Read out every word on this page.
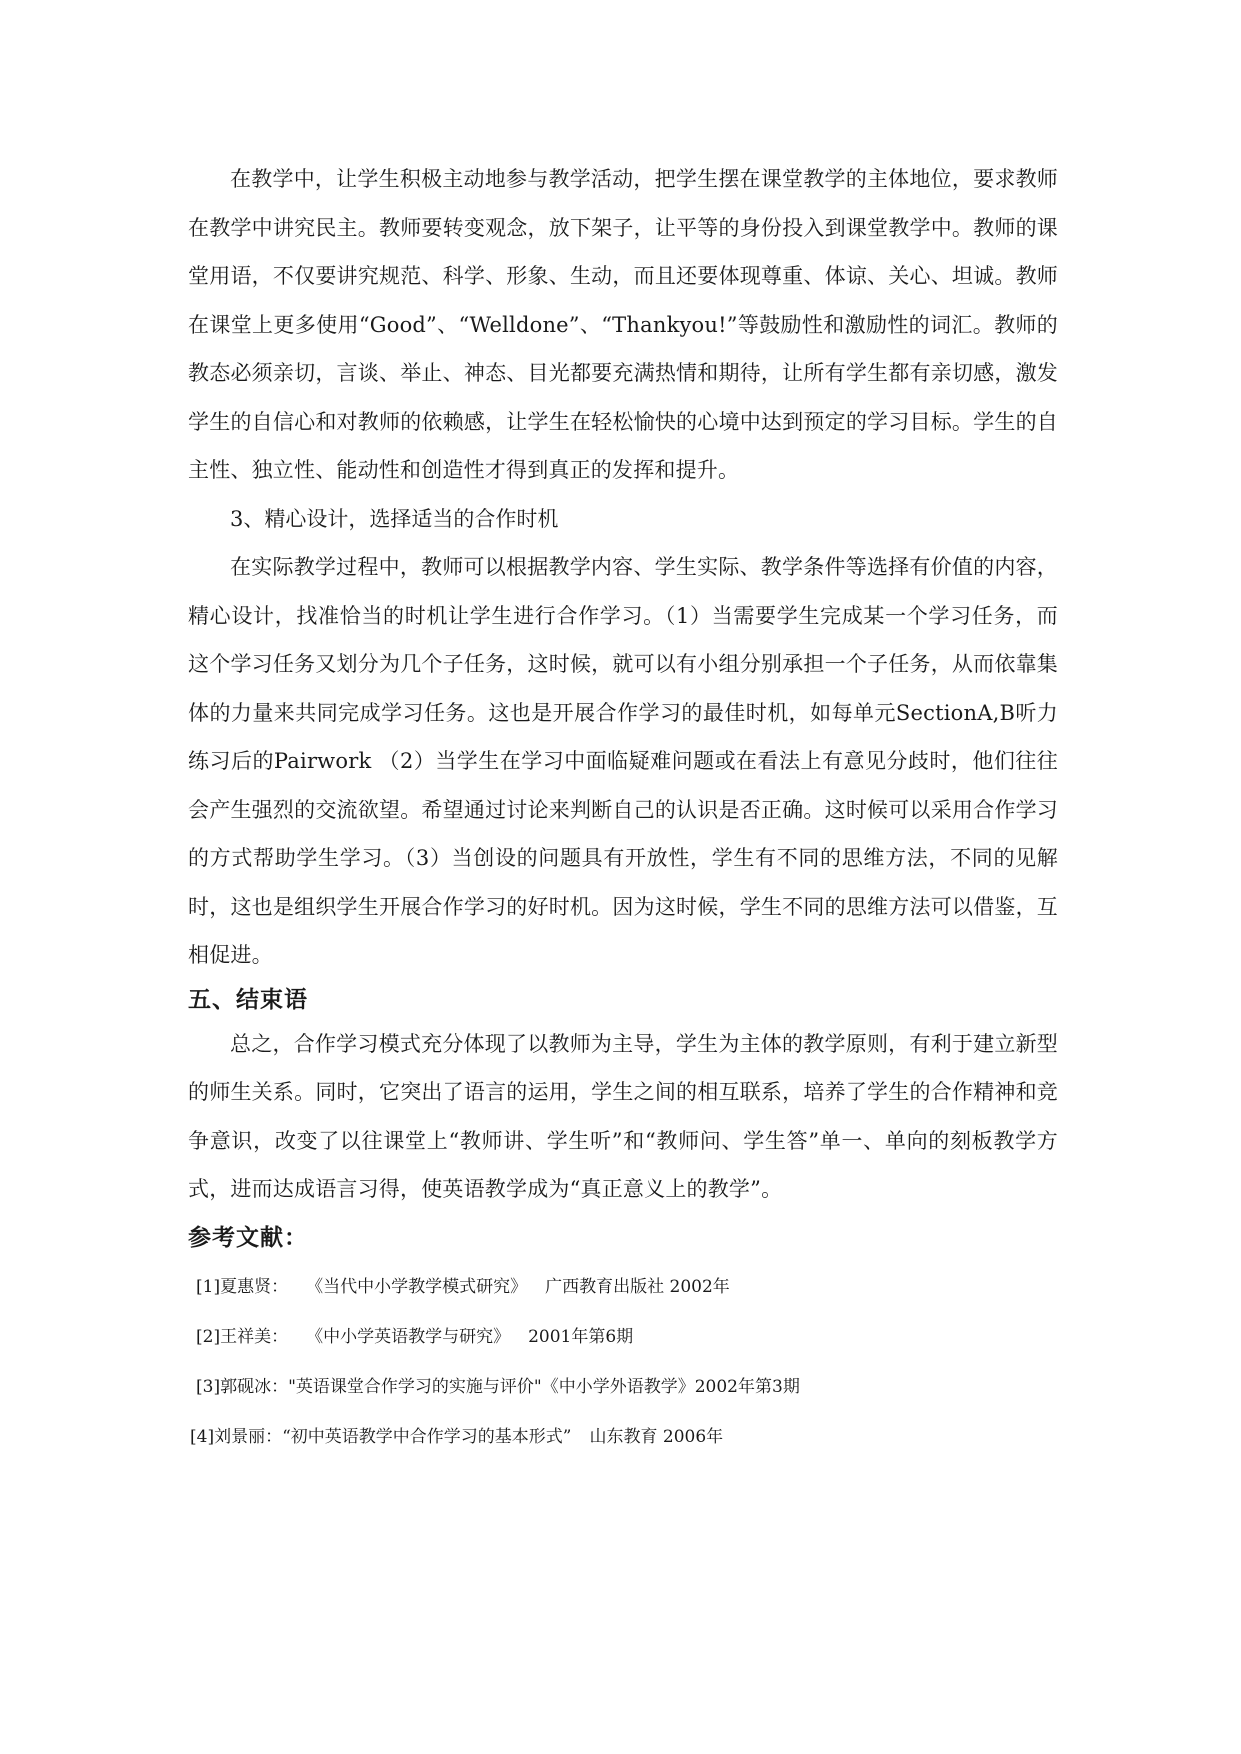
在教学中，让学生积极主动地参与教学活动，把学生摆在课堂教学的主体地位，要求教师在教学中讲究民主。教师要转变观念，放下架子，让平等的身份投入到课堂教学中。教师的课堂用语，不仅要讲究规范、科学、形象、生动，而且还要体现尊重、体谅、关心、坦诚。教师在课堂上更多使用“Good”、“Welldone”、“Thankyou!”等鼓励性和激励性的词汇。教师的教态必须亲切，言谈、举止、神态、目光都要充满热情和期待，让所有学生都有亲切感，激发学生的自信心和对教师的依赖感，让学生在轻松愉快的心境中达到预定的学习目标。学生的自主性、独立性、能动性和创造性才得到真正的发挥和提升。

3、精心设计，选择适当的合作时机

在实际教学过程中，教师可以根据教学内容、学生实际、教学条件等选择有价值的内容，精心设计，找准恰当的时机让学生进行合作学习。（1）当需要学生完成某一个学习任务，而这个学习任务又划分为几个子任务，这时候，就可以有小组分别承担一个子任务，从而依靠集体的力量来共同完成学习任务。这也是开展合作学习的最佳时机，如每单元SectionA,B听力练习后的Pairwork （2）当学生在学习中面临疑难问题或在看法上有意见分歧时，他们往往会产生强烈的交流欲望。希望通过讨论来判断自己的认识是否正确。这时候可以采用合作学习的方式帮助学生学习。（3）当创设的问题具有开放性，学生有不同的思维方法，不同的见解时，这也是组织学生开展合作学习的好时机。因为这时候，学生不同的思维方法可以借鉴，互相促进。

五、结束语

总之，合作学习模式充分体现了以教师为主导，学生为主体的教学原则，有利于建立新型的师生关系。同时，它突出了语言的运用，学生之间的相互联系，培养了学生的合作精神和竞争意识，改变了以往课堂上“教师讲、学生听”和“教师问、学生答”单一、单向的刻板教学方式，进而达成语言习得，使英语教学成为“真正意义上的教学”。

参考文献：
[1]夏惠贤： 《当代中小学教学模式研究》 广西教育出版社 2002年
[2]王祥美： 《中小学英语教学与研究》 2001年第6期
[3]郭砚冰："英语课堂合作学习的实施与评价"《中小学外语教学》2002年第3期
[4]刘景丽：“初中英语教学中合作学习的基本形式” 山东教育 2006年
